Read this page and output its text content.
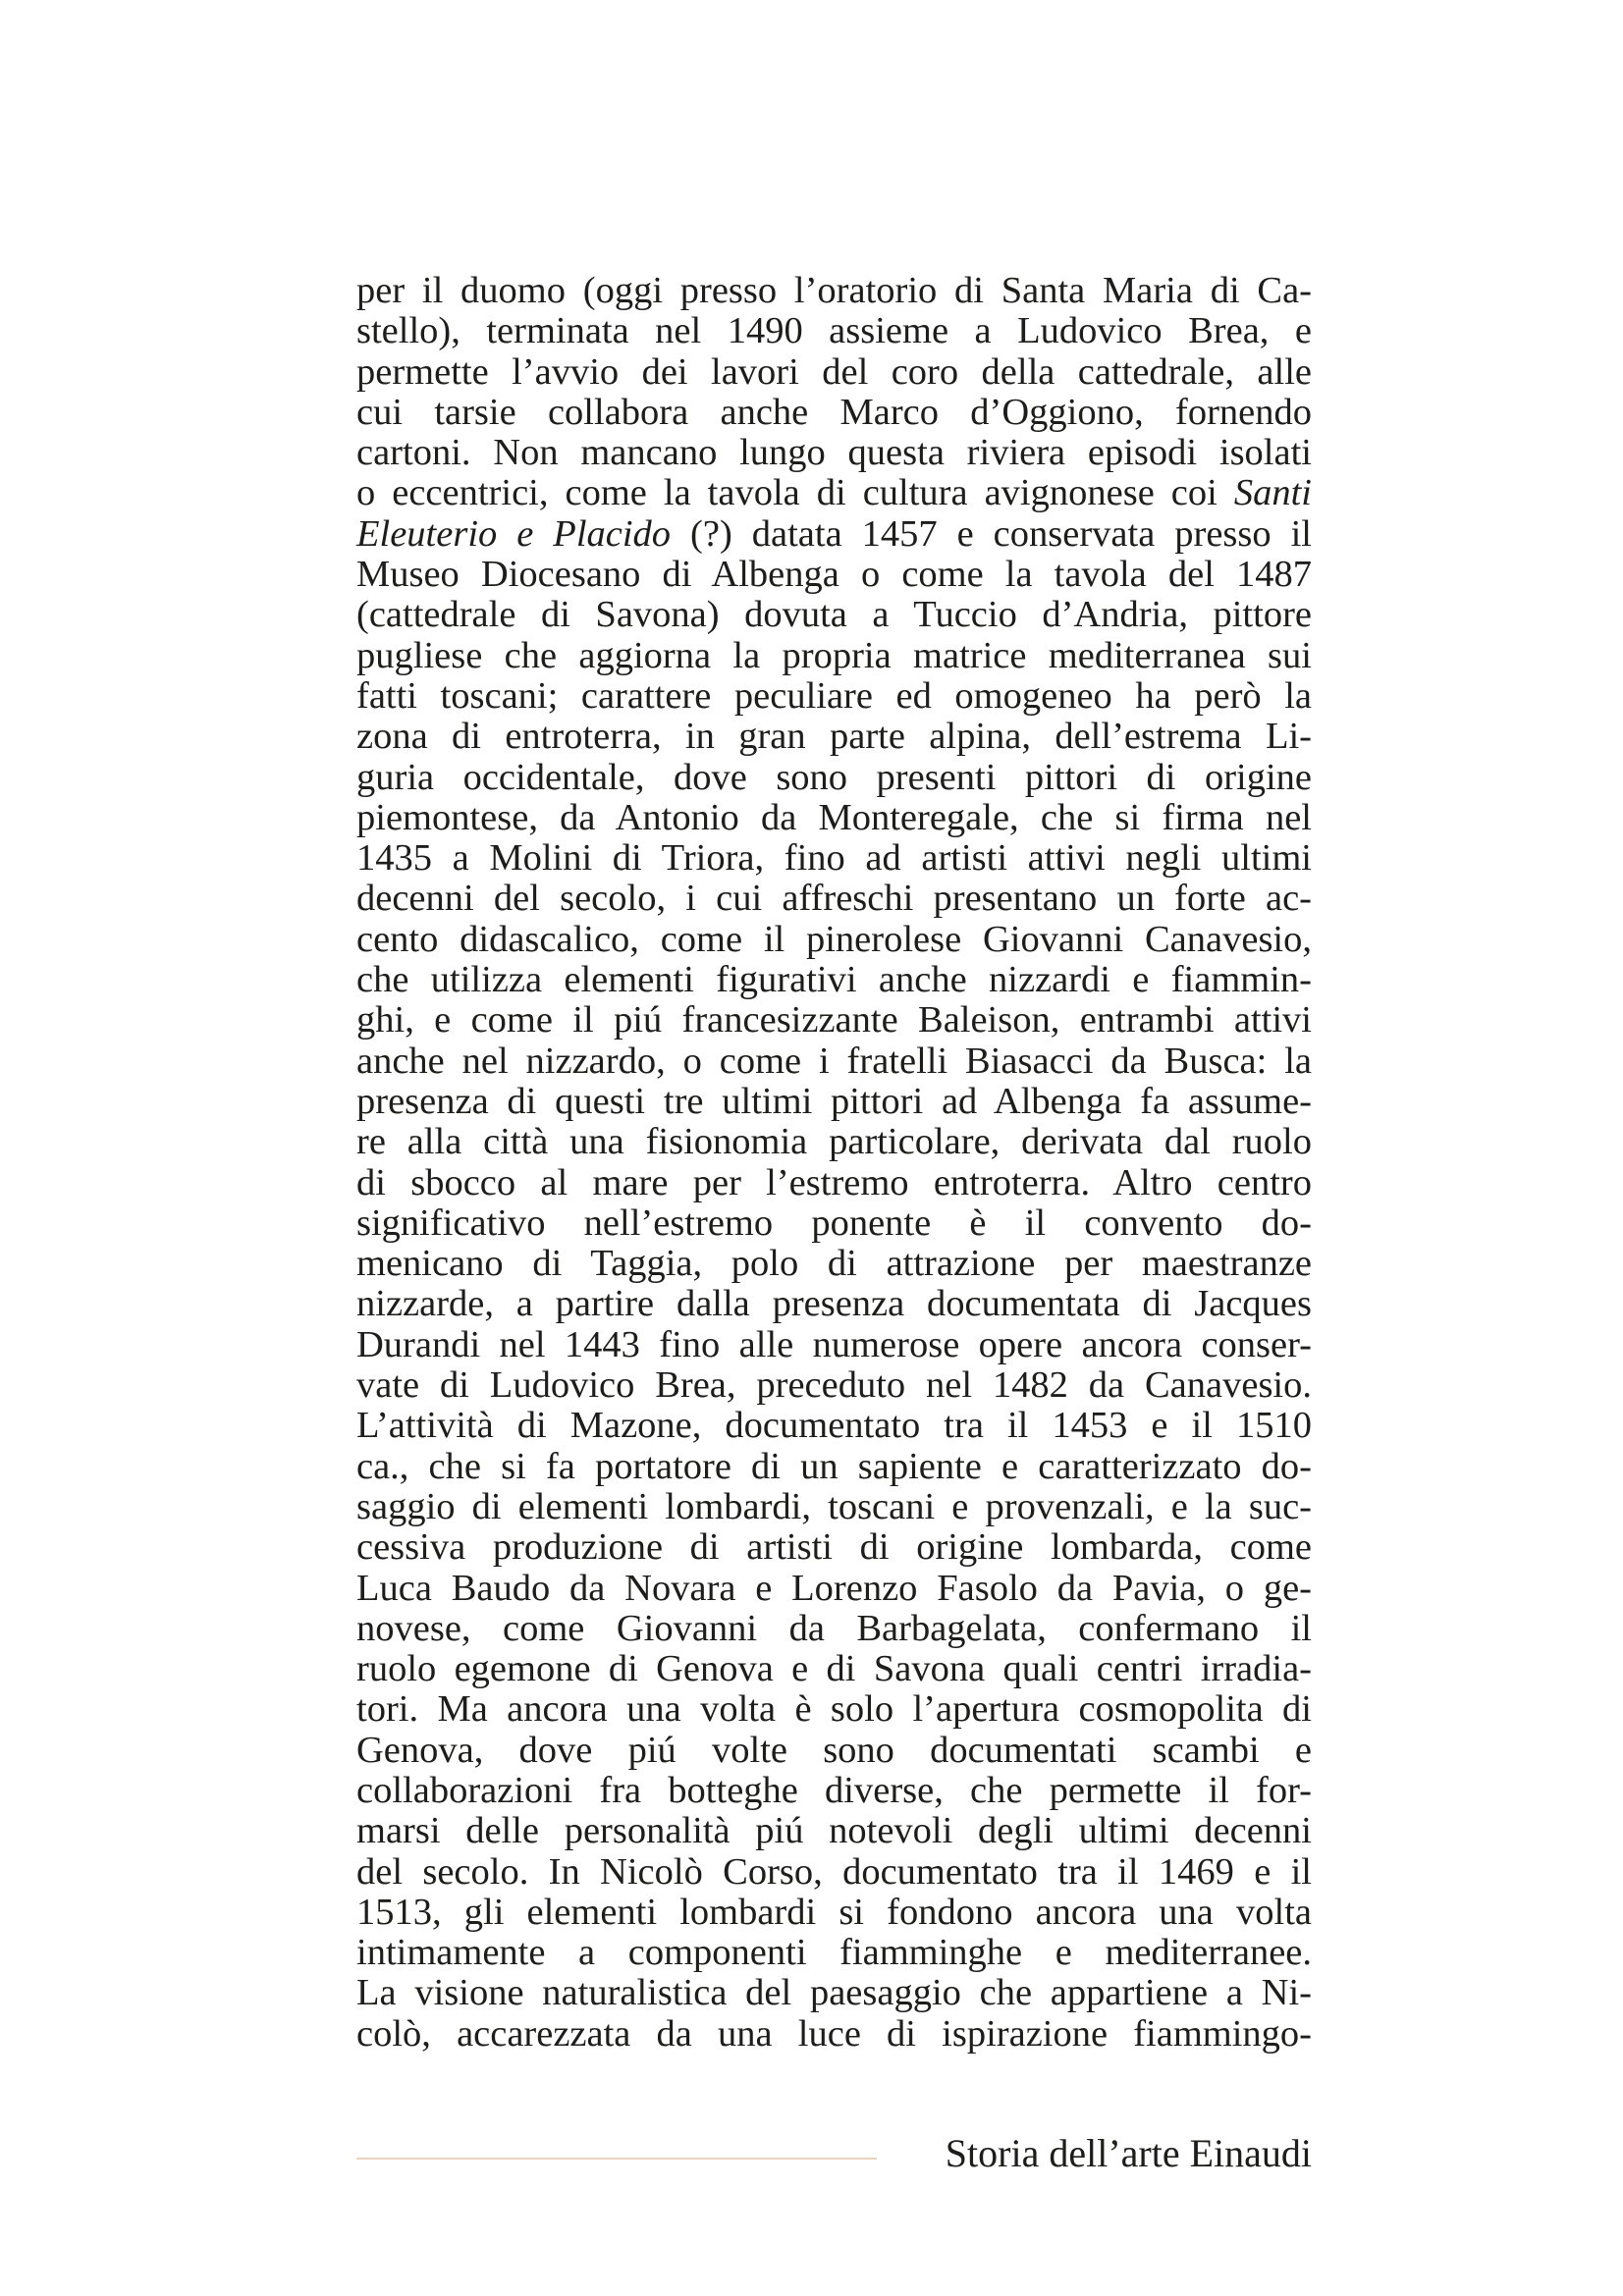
per il duomo (oggi presso l’oratorio di Santa Maria di Ca-
stello), terminata nel 1490 assieme a Ludovico Brea, e
permette l’avvio dei lavori del coro della cattedrale, alle
cui tarsie collabora anche Marco d’Oggiono, fornendo
cartoni. Non mancano lungo questa riviera episodi isolati
o eccentrici, come la tavola di cultura avignonese coi Santi
Eleuterio e Placido (?) datata 1457 e conservata presso il
Museo Diocesano di Albenga o come la tavola del 1487
(cattedrale di Savona) dovuta a Tuccio d’Andria, pittore
pugliese che aggiorna la propria matrice mediterranea sui
fatti toscani; carattere peculiare ed omogeneo ha però la
zona di entroterra, in gran parte alpina, dell’estrema Li-
guria occidentale, dove sono presenti pittori di origine
piemontese, da Antonio da Monteregale, che si firma nel
1435 a Molini di Triora, fino ad artisti attivi negli ultimi
decenni del secolo, i cui affreschi presentano un forte ac-
cento didascalico, come il pinerolese Giovanni Canavesio,
che utilizza elementi figurativi anche nizzardi e fiammin-
ghi, e come il piú francesizzante Baleison, entrambi attivi
anche nel nizzardo, o come i fratelli Biasacci da Busca: la
presenza di questi tre ultimi pittori ad Albenga fa assume-
re alla città una fisionomia particolare, derivata dal ruolo
di sbocco al mare per l’estremo entroterra. Altro centro
significativo nell’estremo ponente è il convento do-
menicano di Taggia, polo di attrazione per maestranze
nizzarde, a partire dalla presenza documentata di Jacques
Durandi nel 1443 fino alle numerose opere ancora conser-
vate di Ludovico Brea, preceduto nel 1482 da Canavesio.
L’attività di Mazone, documentato tra il 1453 e il 1510
ca., che si fa portatore di un sapiente e caratterizzato do-
saggio di elementi lombardi, toscani e provenzali, e la suc-
cessiva produzione di artisti di origine lombarda, come
Luca Baudo da Novara e Lorenzo Fasolo da Pavia, o ge-
novese, come Giovanni da Barbagelata, confermano il
ruolo egemone di Genova e di Savona quali centri irradia-
tori. Ma ancora una volta è solo l’apertura cosmopolita di
Genova, dove piú volte sono documentati scambi e
collaborazioni fra botteghe diverse, che permette il for-
marsi delle personalità piú notevoli degli ultimi decenni
del secolo. In Nicolò Corso, documentato tra il 1469 e il
1513, gli elementi lombardi si fondono ancora una volta
intimamente a componenti fiamminghe e mediterranee.
La visione naturalistica del paesaggio che appartiene a Ni-
colò, accarezzata da una luce di ispirazione fiammingo-
Storia dell’arte Einaudi
